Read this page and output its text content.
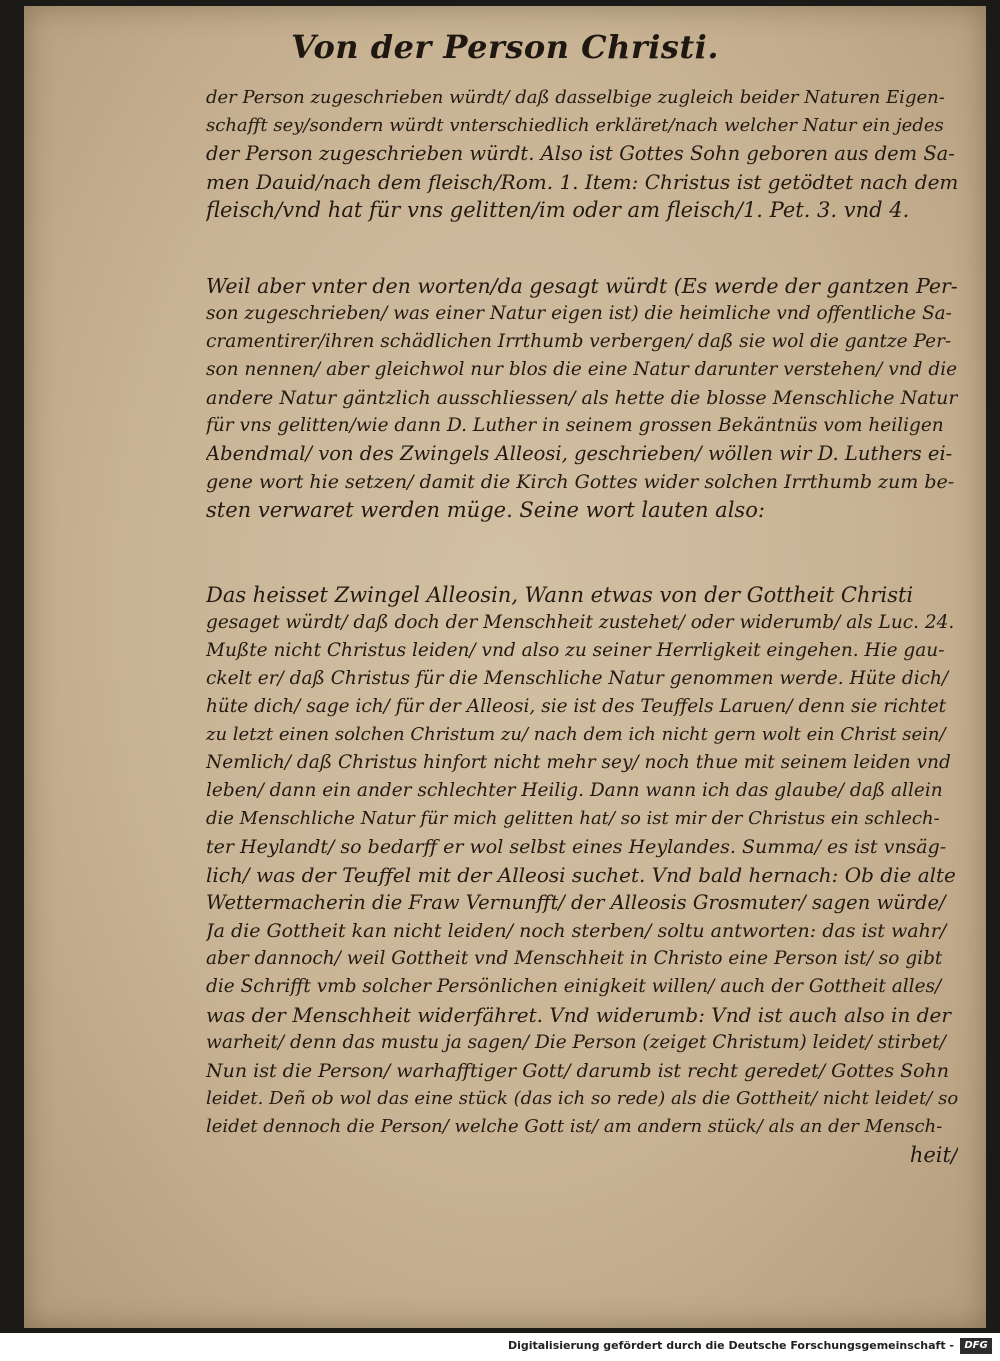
Von der Person Christi.
der Person zugeschrieben würdt/ daß dasselbige zugleich beider Naturen Eigen-
schafft sey/sondern würdt vnterschiedlich erkläret/nach welcher Natur ein jedes
der Person zugeschrieben würdt. Also ist Gottes Sohn geboren aus dem Sa-
men Dauid/nach dem fleisch/Rom. 1. Item: Christus ist getödtet nach dem
fleisch/vnd hat für vns gelitten/im oder am fleisch/1. Pet. 3. vnd 4.
Weil aber vnter den worten/da gesagt würdt (Es werde der gantzen Per-
son zugeschrieben/ was einer Natur eigen ist) die heimliche vnd offentliche Sa-
cramentirer/ihren schädlichen Irrthumb verbergen/ daß sie wol die gantze Per-
son nennen/ aber gleichwol nur blos die eine Natur darunter verstehen/ vnd die
andere Natur gäntzlich ausschliessen/ als hette die blosse Menschliche Natur
für vns gelitten/wie dann D. Luther in seinem grossen Bekäntnüs vom heiligen
Abendmal/ von des Zwingels Alleosi, geschrieben/ wöllen wir D. Luthers ei-
gene wort hie setzen/ damit die Kirch Gottes wider solchen Irrthumb zum be-
sten verwaret werden müge. Seine wort lauten also:
Das heisset Zwingel Alleosin, Wann etwas von der Gottheit Christi
gesaget würdt/ daß doch der Menschheit zustehet/ oder widerumb/ als Luc. 24.
Mußte nicht Christus leiden/ vnd also zu seiner Herrligkeit eingehen. Hie gau-
ckelt er/ daß Christus für die Menschliche Natur genommen werde. Hüte dich/
hüte dich/ sage ich/ für der Alleosi, sie ist des Teuffels Laruen/ denn sie richtet
zu letzt einen solchen Christum zu/ nach dem ich nicht gern wolt ein Christ sein/
Nemlich/ daß Christus hinfort nicht mehr sey/ noch thue mit seinem leiden vnd
leben/ dann ein ander schlechter Heilig. Dann wann ich das glaube/ daß allein
die Menschliche Natur für mich gelitten hat/ so ist mir der Christus ein schlech-
ter Heylandt/ so bedarff er wol selbst eines Heylandes. Summa/ es ist vnsäg-
lich/ was der Teuffel mit der Alleosi suchet. Vnd bald hernach: Ob die alte
Wettermacherin die Fraw Vernunfft/ der Alleosis Grosmuter/ sagen würde/
Ja die Gottheit kan nicht leiden/ noch sterben/ soltu antworten: das ist wahr/
aber dannoch/ weil Gottheit vnd Menschheit in Christo eine Person ist/ so gibt
die Schrifft vmb solcher Persönlichen einigkeit willen/ auch der Gottheit alles/
was der Menschheit widerfähret. Vnd widerumb: Vnd ist auch also in der
warheit/ denn das mustu ja sagen/ Die Person (zeiget Christum) leidet/ stirbet/
Nun ist die Person/ warhafftiger Gott/ darumb ist recht geredet/ Gottes Sohn
leidet. Deñ ob wol das eine stück (das ich so rede) als die Gottheit/ nicht leidet/ so
leidet dennoch die Person/ welche Gott ist/ am andern stück/ als an der Mensch-
heit/
Digitalisierung gefördert durch die Deutsche Forschungsgemeinschaft -	DFG
